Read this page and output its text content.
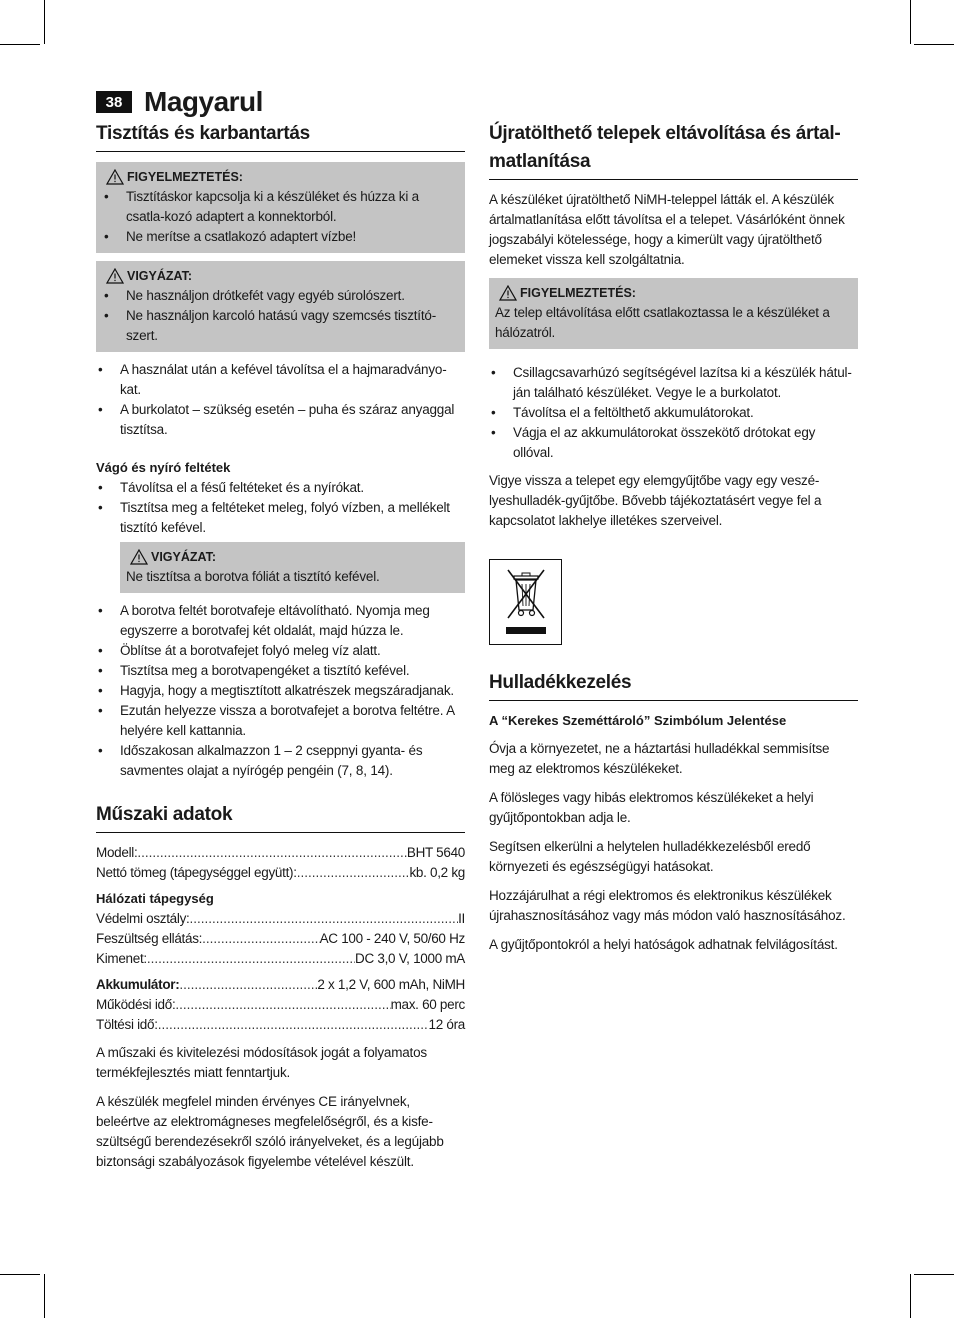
38 Magyarul
Tisztítás és karbantartás
FIGYELMEZTETÉS:
• Tisztításkor kapcsolja ki a készüléket és húzza ki a csatla-kozó adaptert a konnektorból.
• Ne merítse a csatlakozó adaptert vízbe!
VIGYÁZAT:
• Ne használjon drótkefét vagy egyéb súrolószert.
• Ne használjon karcoló hatású vagy szemcsés tisztító-szert.
• A használat után a kefével távolítsa el a hajmaradványo-kat.
• A burkolatot – szükség esetén – puha és száraz anyaggal tisztítsa.
Vágó és nyíró feltétek
• Távolítsa el a fésű feltéteket és a nyírókat.
• Tisztítsa meg a feltéteket meleg, folyó vízben, a mellékelt tisztító kefével.
VIGYÁZAT:
Ne tisztítsa a borotva fóliát a tisztító kefével.
• A borotva feltét borotvafeje eltávolítható. Nyomja meg egyszerre a borotvafej két oldalát, majd húzza le.
• Öblítse át a borotvafejet folyó meleg víz alatt.
• Tisztítsa meg a borotvapengéket a tisztító kefével.
• Hagyja, hogy a megtisztított alkatrészek megszáradjanak.
• Ezután helyezze vissza a borotvafejet a borotva feltétre. A helyére kell kattannia.
• Időszakosan alkalmazzon 1 – 2 cseppnyi gyanta- és savmentes olajat a nyírógép pengéin (7, 8, 14).
Műszaki adatok
Modell: .....	BHT 5640
Nettó tömeg (tápegységgel együtt): .....	kb. 0,2 kg
Hálózati tápegység
Védelmi osztály: .....	II
Feszültség ellátás: .....	AC 100 - 240 V, 50/60 Hz
Kimenet: .....	DC 3,0 V, 1000 mA
Akkumulátor: .....	2 x 1,2 V, 600 mAh, NiMH
Működési idő: .....	max. 60 perc
Töltési idő: .....	12 óra
A műszaki és kivitelezési módosítások jogát a folyamatos termékfejlesztés miatt fenntartjuk.
A készülék megfelel minden érvényes CE irányelvnek, beleértve az elektromágneses megfelelőségről, és a kisfe-szültségű berendezésekről szóló irányelveket, és a legújabb biztonsági szabályozások figyelembe vételével készült.
Újratölthető telepek eltávolítása és ártal-matlanítása
A készüléket újratölthető NiMH-teleppel látták el. A készülék ártalmatlanítása előtt távolítsa el a telepet. Vásárlóként önnek jogszabályi kötelessége, hogy a kimerült vagy újratölthető elemeket vissza kell szolgáltatnia.
FIGYELMEZTETÉS:
Az telep eltávolítása előtt csatlakoztassa le a készüléket a hálózatról.
• Csillagcsavarhúzó segítségével lazítsa ki a készülék hátul-ján található készüléket. Vegye le a burkolatot.
• Távolítsa el a feltölthető akkumulátorokat.
• Vágja el az akkumulátorokat összekötő drótokat egy ollóval.
Vigye vissza a telepet egy elemgyűjtőbe vagy egy veszé-lyeshulladék-gyűjtőbe. Bővebb tájékoztatásért vegye fel a kapcsolatot lakhelye illetékes szerveivel.
Hulladékkezelés
A “Kerekes Szeméttároló” Szimbólum Jelentése
Óvja a környezetet, ne a háztartási hulladékkal semmisítse meg az elektromos készülékeket.
A fölösleges vagy hibás elektromos készülékeket a helyi gyűjtőpontokban adja le.
Segítsen elkerülni a helytelen hulladékkezelésből eredő környezeti és egészségügyi hatásokat.
Hozzájárulhat a régi elektromos és elektronikus készülékek újrahasznosításához vagy más módon való hasznosításához.
A gyűjtőpontokról a helyi hatóságok adhatnak felvilágosítást.
